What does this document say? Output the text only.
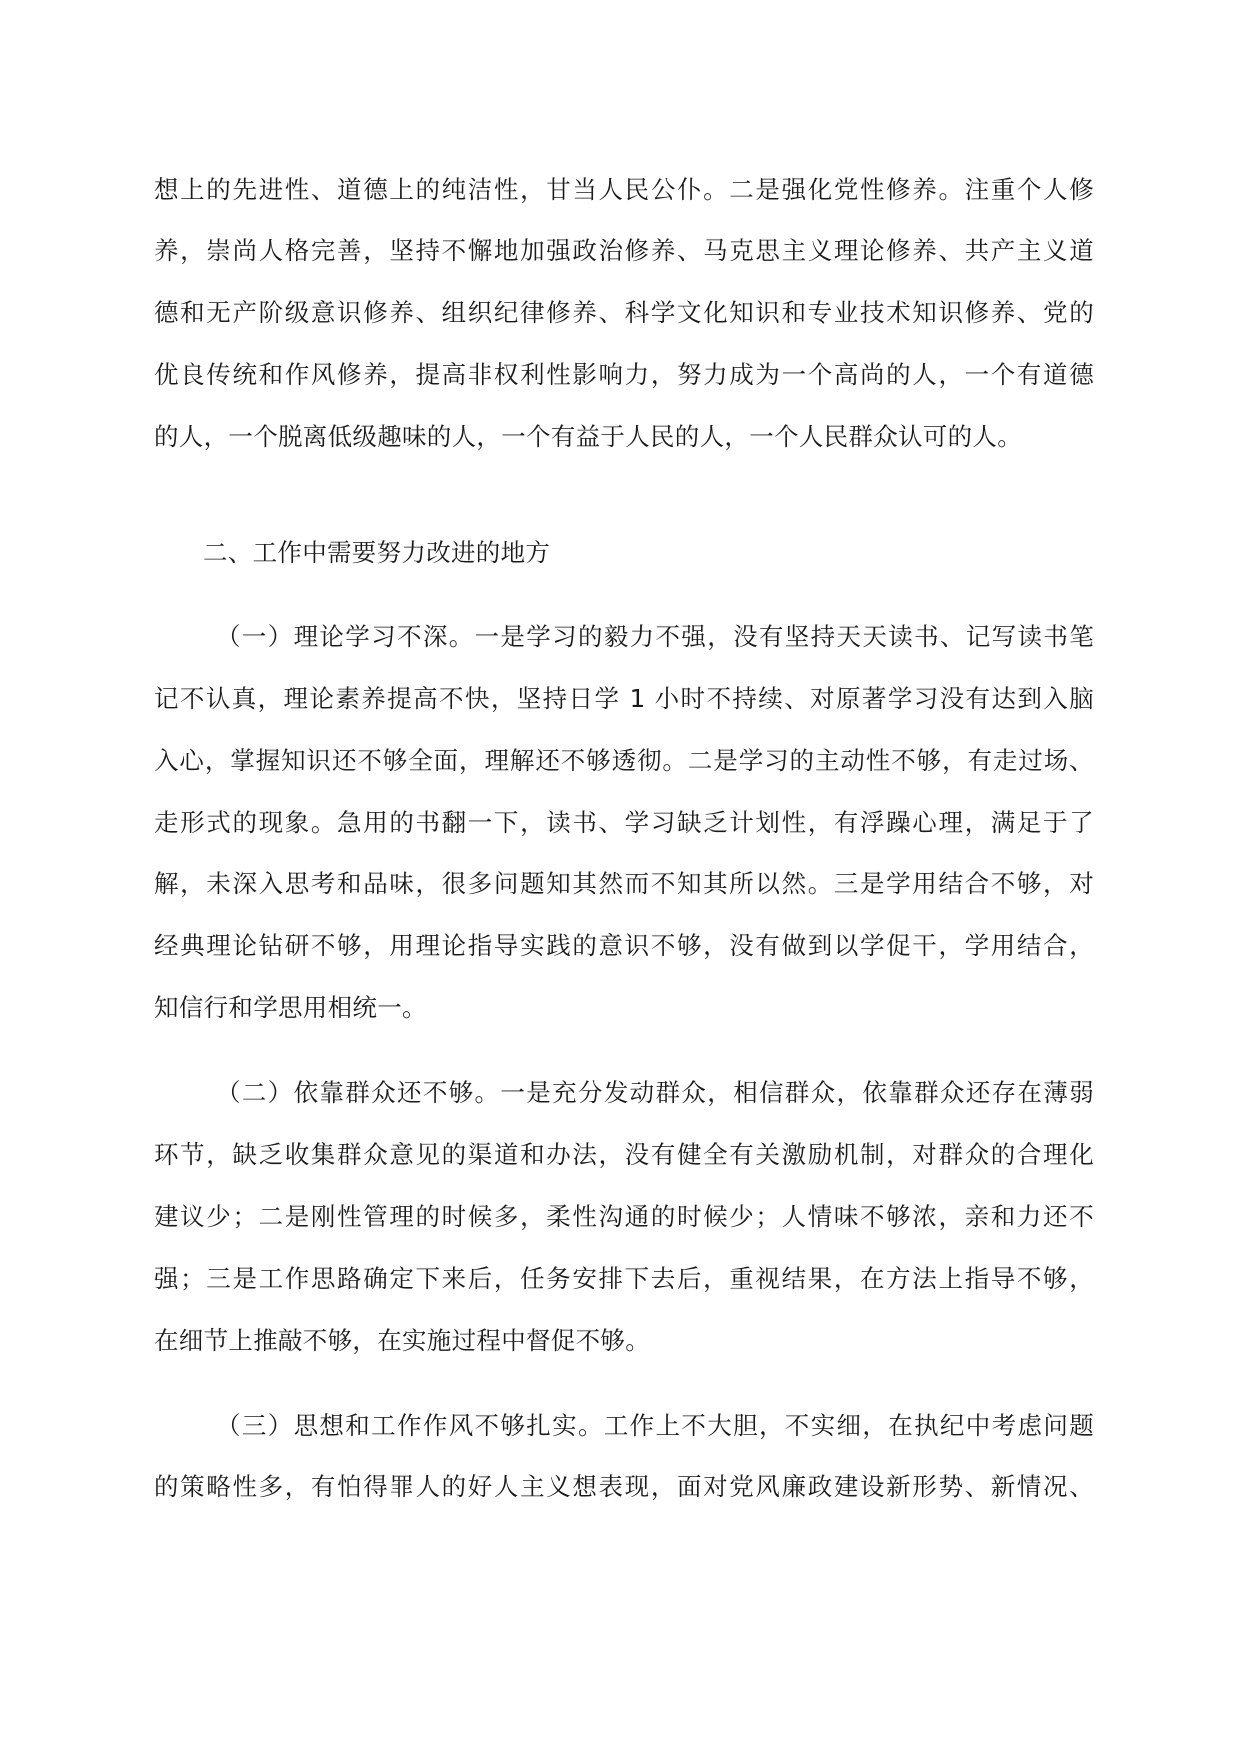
想上的先进性、道德上的纯洁性，甘当人民公仆。二是强化党性修养。注重个人修
养，崇尚人格完善，坚持不懈地加强政治修养、马克思主义理论修养、共产主义道
德和无产阶级意识修养、组织纪律修养、科学文化知识和专业技术知识修养、党的
优良传统和作风修养，提高非权利性影响力，努力成为一个高尚的人，一个有道德
的人，一个脱离低级趣味的人，一个有益于人民的人，一个人民群众认可的人。
二、工作中需要努力改进的地方
（一）理论学习不深。一是学习的毅力不强，没有坚持天天读书、记写读书笔
记不认真，理论素养提高不快，坚持日学 1 小时不持续、对原著学习没有达到入脑
入心，掌握知识还不够全面，理解还不够透彻。二是学习的主动性不够，有走过场、
走形式的现象。急用的书翻一下，读书、学习缺乏计划性，有浮躁心理，满足于了
解，未深入思考和品味，很多问题知其然而不知其所以然。三是学用结合不够，对
经典理论钻研不够，用理论指导实践的意识不够，没有做到以学促干，学用结合，
知信行和学思用相统一。
（二）依靠群众还不够。一是充分发动群众，相信群众，依靠群众还存在薄弱
环节，缺乏收集群众意见的渠道和办法，没有健全有关激励机制，对群众的合理化
建议少；二是刚性管理的时候多，柔性沟通的时候少；人情味不够浓，亲和力还不
强；三是工作思路确定下来后，任务安排下去后，重视结果，在方法上指导不够，
在细节上推敲不够，在实施过程中督促不够。
（三）思想和工作作风不够扎实。工作上不大胆，不实细，在执纪中考虑问题
的策略性多，有怕得罪人的好人主义想表现，面对党风廉政建设新形势、新情况、
